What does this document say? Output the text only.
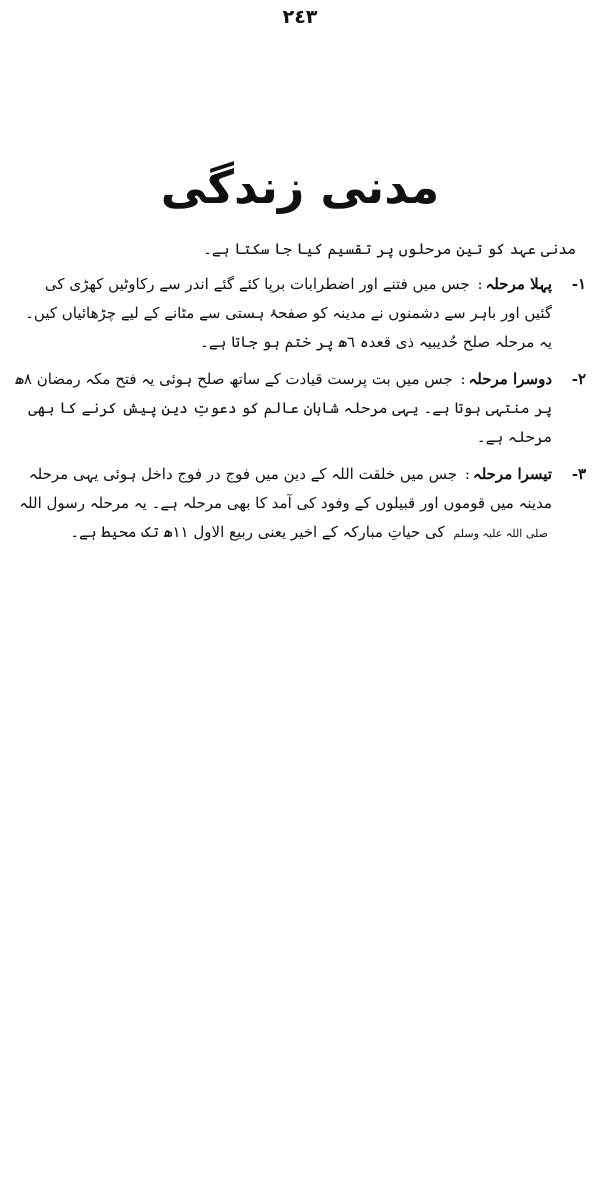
٢٤٣
مدنی زندگی

مدنی عہد کو تین مرحلوں پر تقسیم کیا جا سکتا ہے۔

١-
پہلا مرحلہ: جس میں فتنے اور اضطرابات برپا کئے گئے اندر سے رکاوٹیں کھڑی کی گئیں اور باہر سے دشمنوں نے مدینہ کو صفحۂ ہستی سے مٹانے کے لیے چڑھائیاں کیں۔ یہ مرحلہ صلح حُدیبیہ ذی قعدہ ٦ھ پر ختم ہو جاتا ہے۔
٢-
دوسرا مرحلہ: جس میں بت پرست قیادت کے ساتھ صلح ہوئی یہ فتح مکہ رمضان ٨ھ پر منتہی ہوتا ہے۔ یہی مرحلہ شاہانِ عالم کو دعوتِ دین پیش کرنے کا بھی مرحلہ ہے۔
٣-
تیسرا مرحلہ: جس میں خلقت اللہ کے دین میں فوج در فوج داخل ہوئی یہی مرحلہ مدینہ میں قوموں اور قبیلوں کے وفود کی آمد کا بھی مرحلہ ہے۔ یہ مرحلہ رسول اللہ صلی اللہ علیہ وسلم کی حیاتِ مبارکہ کے اخیر یعنی ربیع الاول ١١ھ تک محیط ہے۔
